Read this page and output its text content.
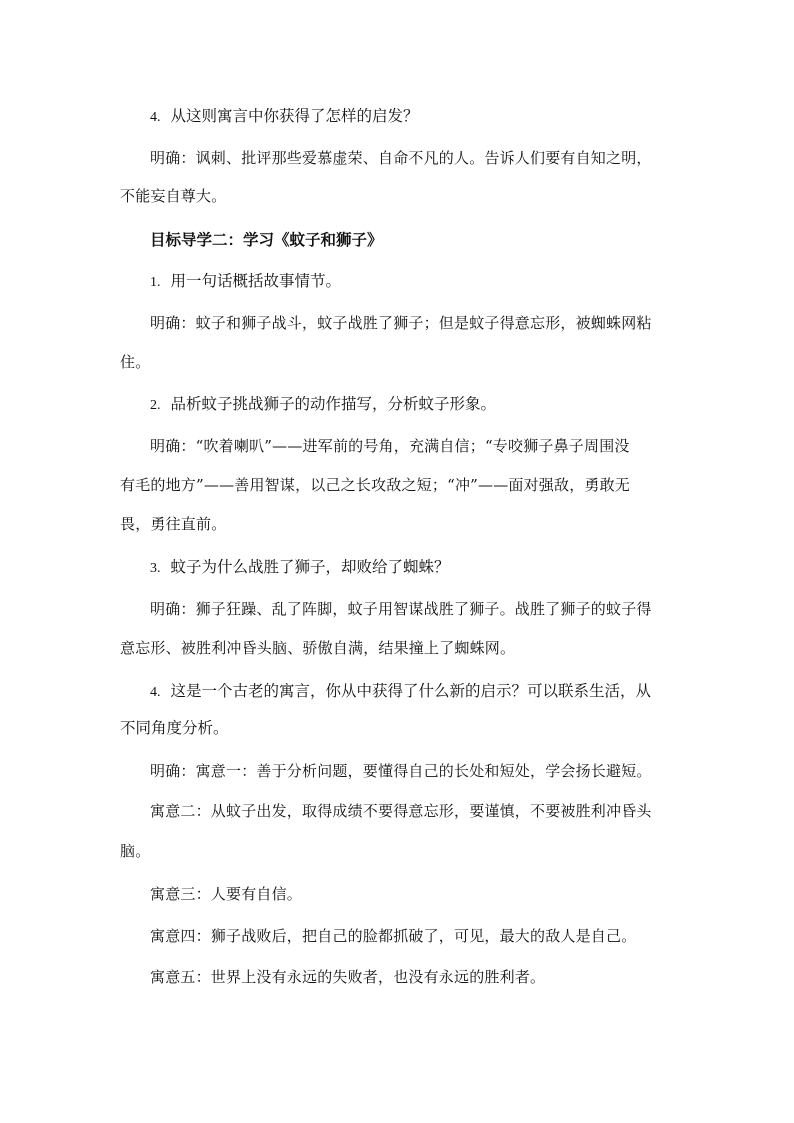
4. 从这则寓言中你获得了怎样的启发？
明确：讽刺、批评那些爱慕虚荣、自命不凡的人。告诉人们要有自知之明，
不能妄自尊大。
目标导学二：学习《蚊子和狮子》
1. 用一句话概括故事情节。
明确：蚊子和狮子战斗，蚊子战胜了狮子；但是蚊子得意忘形，被蜘蛛网粘
住。
2. 品析蚊子挑战狮子的动作描写，分析蚊子形象。
明确：“吹着喇叭”——进军前的号角，充满自信；“专咬狮子鼻子周围没
有毛的地方”——善用智谋，以己之长攻敌之短；“冲”——面对强敌，勇敢无
畏，勇往直前。
3. 蚊子为什么战胜了狮子，却败给了蜘蛛？
明确：狮子狂躁、乱了阵脚，蚊子用智谋战胜了狮子。战胜了狮子的蚊子得
意忘形、被胜利冲昏头脑、骄傲自满，结果撞上了蜘蛛网。
4. 这是一个古老的寓言，你从中获得了什么新的启示？可以联系生活，从
不同角度分析。
明确：寓意一：善于分析问题，要懂得自己的长处和短处，学会扬长避短。
寓意二：从蚊子出发，取得成绩不要得意忘形，要谨慎，不要被胜利冲昏头
脑。
寓意三：人要有自信。
寓意四：狮子战败后，把自己的脸都抓破了，可见，最大的敌人是自己。
寓意五：世界上没有永远的失败者，也没有永远的胜利者。
